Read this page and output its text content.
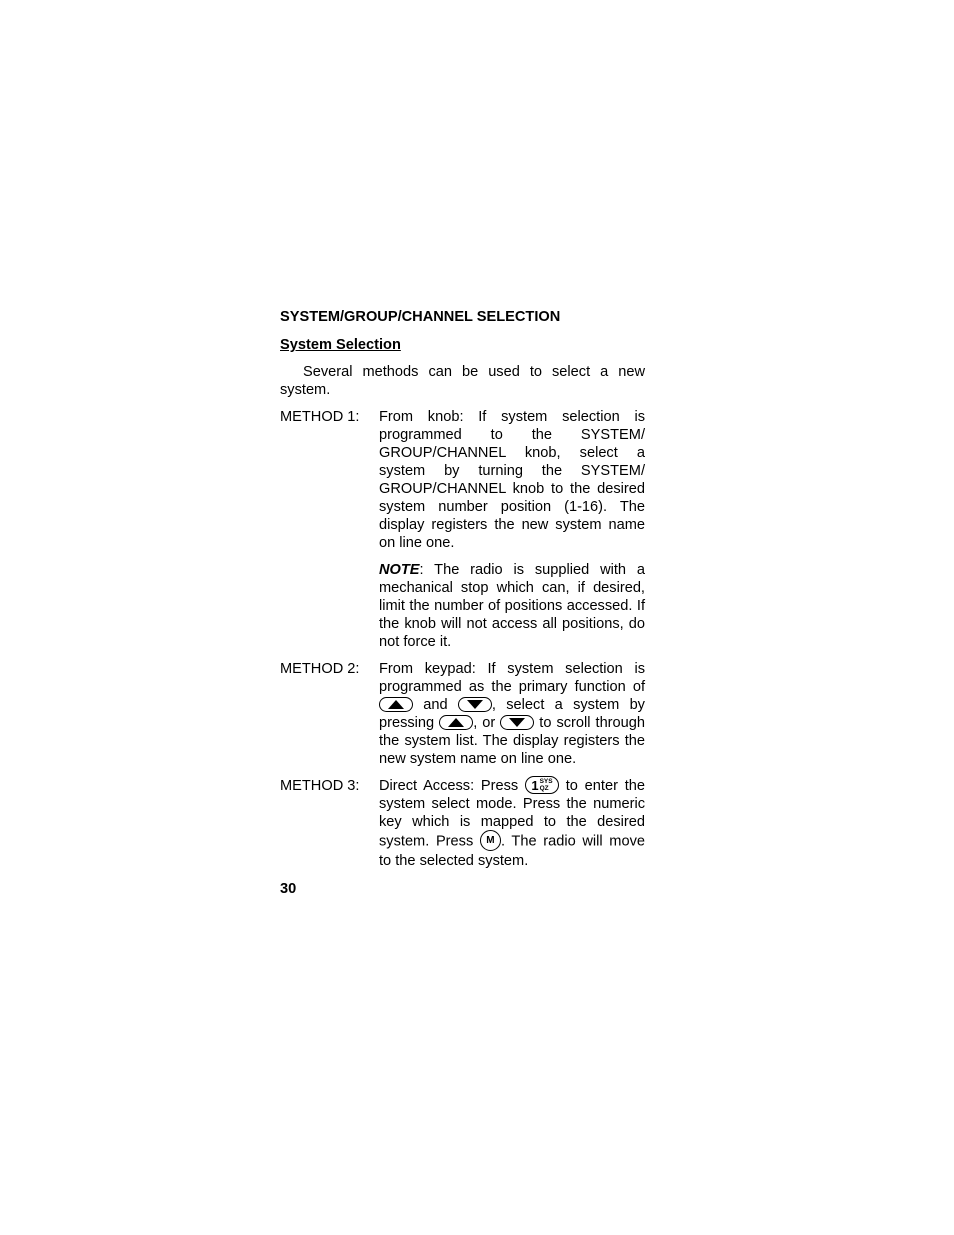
SYSTEM/GROUP/CHANNEL SELECTION
System Selection

Several methods can be used to select a new system.

METHOD 1:	From knob: If system selection is programmed to the SYSTEM/ GROUP/CHANNEL knob, select a system by turning the SYSTEM/ GROUP/CHANNEL knob to the desired system number position (1-16). The display registers the new system name on line one.

NOTE: The radio is supplied with a mechanical stop which can, if desired, limit the number of positions accessed. If the knob will not access all positions, do not force it.

METHOD 2:	From keypad: If system selection is programmed as the primary function of
and
, select a system by pressing
, or
to scroll through the system list. The display registers the new system name on line one.

METHOD 3:	Direct Access: Press 1 SYS
QZ to enter the system select mode. Press the numeric key which is mapped to the desired system. Press M . The radio will move to the selected system.

30
